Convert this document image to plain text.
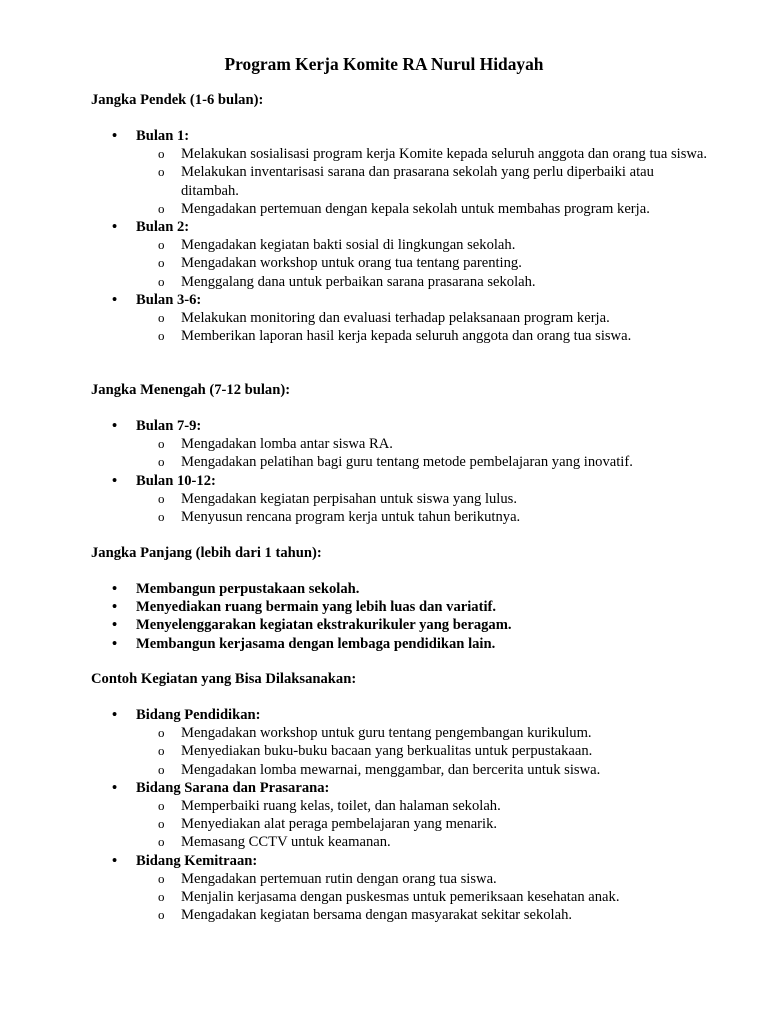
Program Kerja Komite RA Nurul Hidayah
Jangka Pendek (1-6 bulan):
• Bulan 1:
o Melakukan sosialisasi program kerja Komite kepada seluruh anggota dan orang tua siswa.
o Melakukan inventarisasi sarana dan prasarana sekolah yang perlu diperbaiki atau ditambah.
o Mengadakan pertemuan dengan kepala sekolah untuk membahas program kerja.
• Bulan 2:
o Mengadakan kegiatan bakti sosial di lingkungan sekolah.
o Mengadakan workshop untuk orang tua tentang parenting.
o Menggalang dana untuk perbaikan sarana prasarana sekolah.
• Bulan 3-6:
o Melakukan monitoring dan evaluasi terhadap pelaksanaan program kerja.
o Memberikan laporan hasil kerja kepada seluruh anggota dan orang tua siswa.
Jangka Menengah (7-12 bulan):
• Bulan 7-9:
o Mengadakan lomba antar siswa RA.
o Mengadakan pelatihan bagi guru tentang metode pembelajaran yang inovatif.
• Bulan 10-12:
o Mengadakan kegiatan perpisahan untuk siswa yang lulus.
o Menyusun rencana program kerja untuk tahun berikutnya.
Jangka Panjang (lebih dari 1 tahun):
• Membangun perpustakaan sekolah.
• Menyediakan ruang bermain yang lebih luas dan variatif.
• Menyelenggarakan kegiatan ekstrakurikuler yang beragam.
• Membangun kerjasama dengan lembaga pendidikan lain.
Contoh Kegiatan yang Bisa Dilaksanakan:
• Bidang Pendidikan:
o Mengadakan workshop untuk guru tentang pengembangan kurikulum.
o Menyediakan buku-buku bacaan yang berkualitas untuk perpustakaan.
o Mengadakan lomba mewarnai, menggambar, dan bercerita untuk siswa.
• Bidang Sarana dan Prasarana:
o Memperbaiki ruang kelas, toilet, dan halaman sekolah.
o Menyediakan alat peraga pembelajaran yang menarik.
o Memasang CCTV untuk keamanan.
• Bidang Kemitraan:
o Mengadakan pertemuan rutin dengan orang tua siswa.
o Menjalin kerjasama dengan puskesmas untuk pemeriksaan kesehatan anak.
o Mengadakan kegiatan bersama dengan masyarakat sekitar sekolah.
